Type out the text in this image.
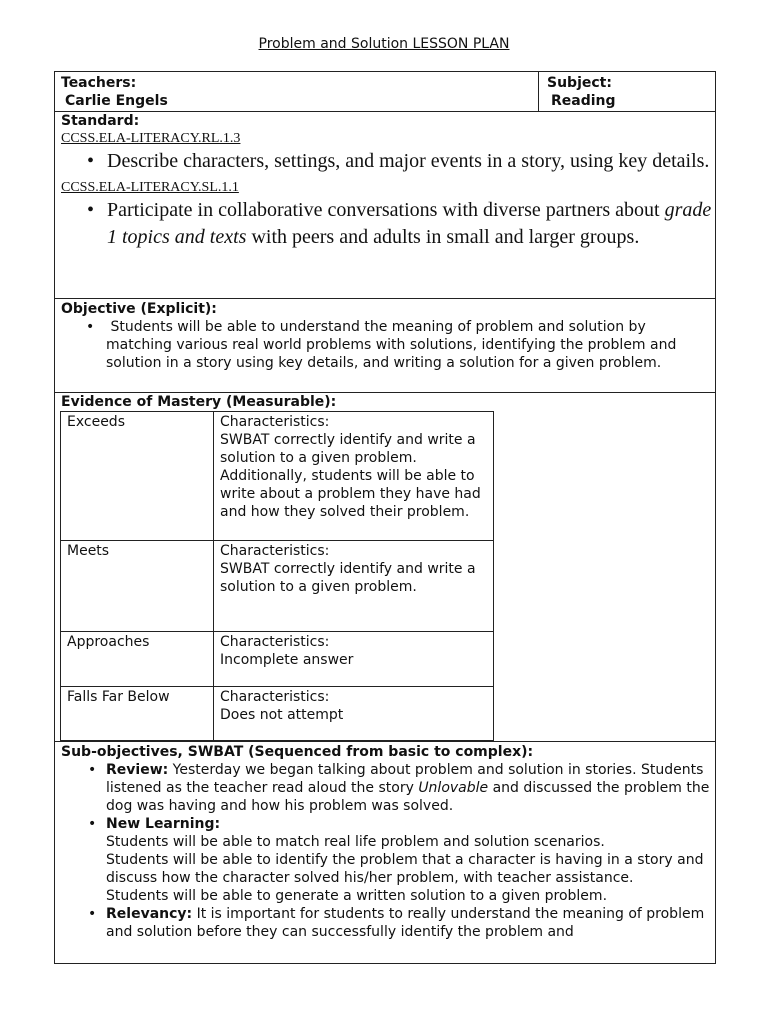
Problem and Solution LESSON PLAN
Teachers:
Carlie Engels

Subject:
Reading

Standard:
CCSS.ELA-LITERACY.RL.1.3
• Describe characters, settings, and major events in a story, using key details.
CCSS.ELA-LITERACY.SL.1.1
• Participate in collaborative conversations with diverse partners about grade 1 topics and texts with peers and adults in small and larger groups.

Objective (Explicit):
• Students will be able to understand the meaning of problem and solution by matching various real world problems with solutions, identifying the problem and solution in a story using key details, and writing a solution for a given problem.

Evidence of Mastery (Measurable):
Exceeds	Characteristics:
SWBAT correctly identify and write a solution to a given problem. Additionally, students will be able to write about a problem they have had and how they solved their problem.

Meets	Characteristics:
SWBAT correctly identify and write a solution to a given problem.

Approaches	Characteristics:
Incomplete answer

Falls Far Below	Characteristics:
Does not attempt

Sub-objectives, SWBAT (Sequenced from basic to complex):
• Review: Yesterday we began talking about problem and solution in stories. Students listened as the teacher read aloud the story Unlovable and discussed the problem the dog was having and how his problem was solved.
• New Learning:
Students will be able to match real life problem and solution scenarios.
Students will be able to identify the problem that a character is having in a story and discuss how the character solved his/her problem, with teacher assistance.
Students will be able to generate a written solution to a given problem.
• Relevancy: It is important for students to really understand the meaning of problem and solution before they can successfully identify the problem and
